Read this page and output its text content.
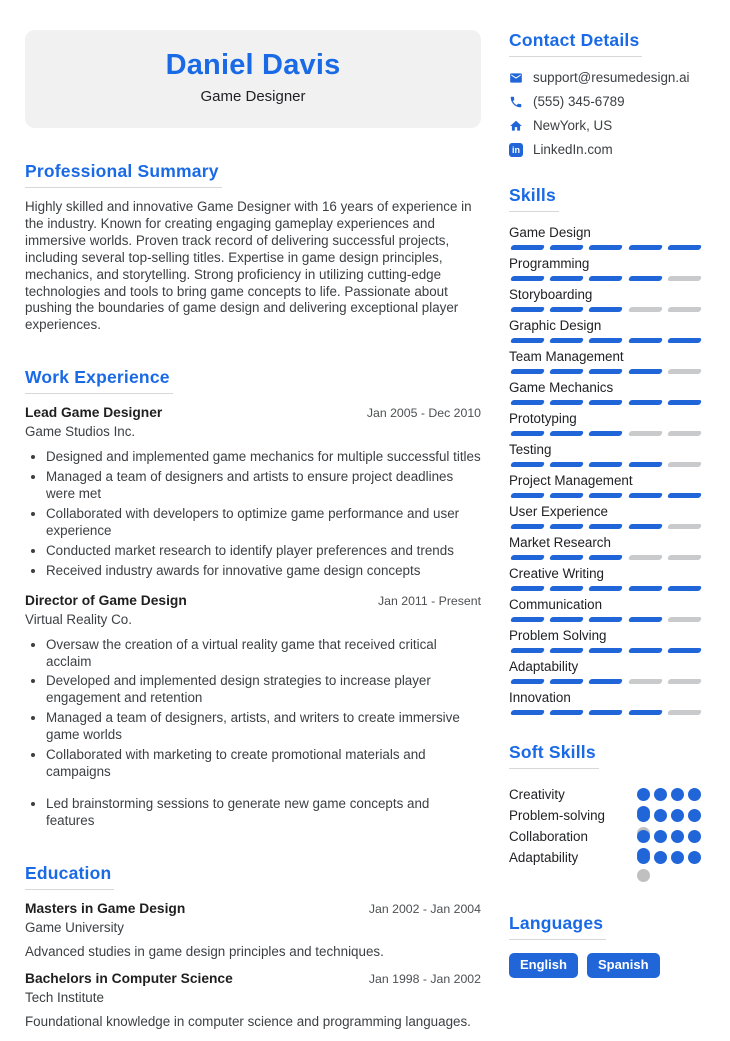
Daniel Davis
Game Designer
Professional Summary

Highly skilled and innovative Game Designer with 16 years of experience in the industry. Known for creating engaging gameplay experiences and immersive worlds. Proven track record of delivering successful projects, including several top-selling titles. Expertise in game design principles, mechanics, and storytelling. Strong proficiency in utilizing cutting-edge technologies and tools to bring game concepts to life. Passionate about pushing the boundaries of game design and delivering exceptional player experiences.

Work Experience
Lead Game Designer	Jan 2005 - Dec 2010
Game Studios Inc.
• Designed and implemented game mechanics for multiple successful titles
• Managed a team of designers and artists to ensure project deadlines were met
• Collaborated with developers to optimize game performance and user experience
• Conducted market research to identify player preferences and trends
• Received industry awards for innovative game design concepts
Director of Game Design	Jan 2011 - Present
Virtual Reality Co.
• Oversaw the creation of a virtual reality game that received critical acclaim
• Developed and implemented design strategies to increase player engagement and retention
• Managed a team of designers, artists, and writers to create immersive game worlds
• Collaborated with marketing to create promotional materials and campaigns
• Led brainstorming sessions to generate new game concepts and features
Education
Masters in Game Design	Jan 2002 - Jan 2004
Game University

Advanced studies in game design principles and techniques.

Bachelors in Computer Science	Jan 1998 - Jan 2002
Tech Institute

Foundational knowledge in computer science and programming languages.

Contact Details
support@resumedesign.ai
(555) 345-6789
NewYork, US
in LinkedIn.com
Skills
Game Design
Programming
Storyboarding
Graphic Design
Team Management
Game Mechanics
Prototyping
Testing
Project Management
User Experience
Market Research
Creative Writing
Communication
Problem Solving
Adaptability
Innovation
Soft Skills
Creativity
Problem-solving
Collaboration
Adaptability
Languages
English	Spanish
